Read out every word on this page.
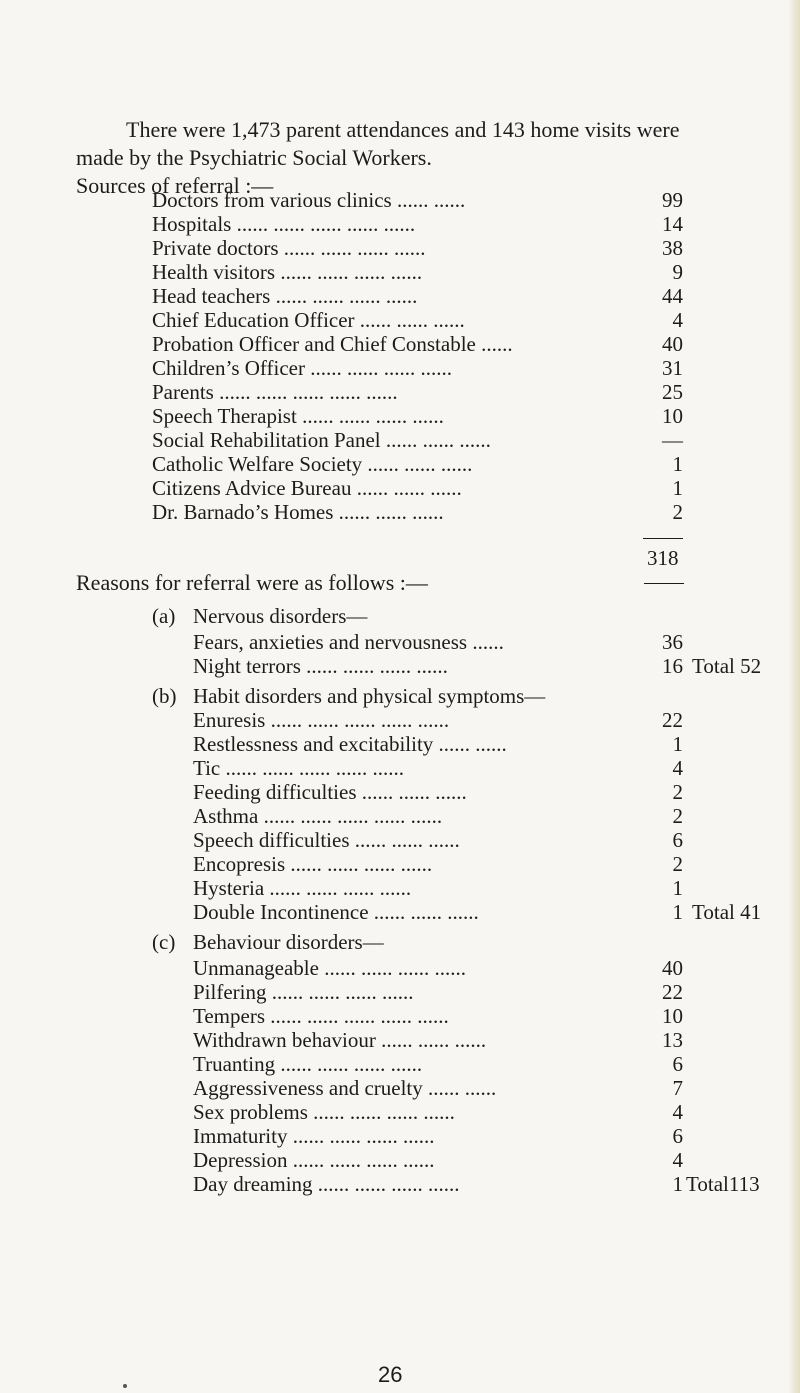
There were 1,473 parent attendances and 143 home visits were
made by the Psychiatric Social Workers.
Sources of referral :—
Doctors from various clinics ...... ......	99
Hospitals ...... ...... ...... ...... ......	14
Private doctors ...... ...... ...... ......	38
Health visitors ...... ...... ...... ......	9
Head teachers ...... ...... ...... ......	44
Chief Education Officer ...... ...... ......	4
Probation Officer and Chief Constable ......	40
Children’s Officer ...... ...... ...... ......	31
Parents ...... ...... ...... ...... ......	25
Speech Therapist ...... ...... ...... ......	10
Social Rehabilitation Panel ...... ...... ......	—
Catholic Welfare Society ...... ...... ......	1
Citizens Advice Bureau ...... ...... ......	1
Dr. Barnado’s Homes ...... ...... ......	2
318
Reasons for referral were as follows :—
(a) Nervous disorders—
Fears, anxieties and nervousness ......	36
Night terrors ...... ...... ...... ......	16 Total 52
(b) Habit disorders and physical symptoms—
Enuresis ...... ...... ...... ...... ......	22
Restlessness and excitability ...... ......	1
Tic ...... ...... ...... ...... ......	4
Feeding difficulties ...... ...... ......	2
Asthma ...... ...... ...... ...... ......	2
Speech difficulties ...... ...... ......	6
Encopresis ...... ...... ...... ......	2
Hysteria ...... ...... ...... ......	1
Double Incontinence ...... ...... ......	1 Total 41
(c) Behaviour disorders—
Unmanageable ...... ...... ...... ......	40
Pilfering ...... ...... ...... ......	22
Tempers ...... ...... ...... ...... ......	10
Withdrawn behaviour ...... ...... ......	13
Truanting ...... ...... ...... ......	6
Aggressiveness and cruelty ...... ......	7
Sex problems ...... ...... ...... ......	4
Immaturity ...... ...... ...... ......	6
Depression ...... ...... ...... ......	4
Day dreaming ...... ...... ...... ......	1 Total113
26
